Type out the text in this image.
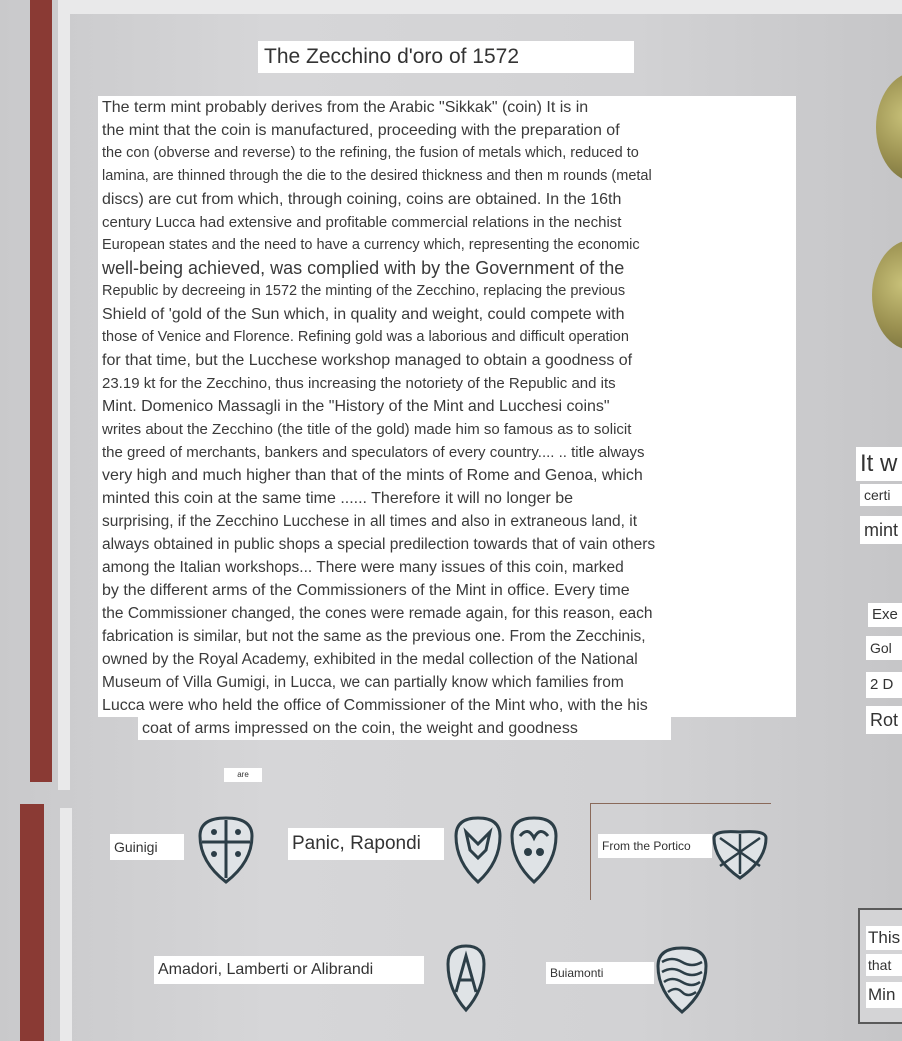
The Zecchino d'oro of 1572
The term mint probably derives from the Arabic "Sikkak" (coin) It is in
the mint that the coin is manufactured, proceeding with the preparation of
the con (obverse and reverse) to the refining, the fusion of metals which, reduced to
lamina, are thinned through the die to the desired thickness and then m rounds (metal
discs) are cut from which, through coining, coins are obtained. In the 16th
century Lucca had extensive and profitable commercial relations in the nechist
European states and the need to have a currency which, representing the economic
well-being achieved, was complied with by the Government of the
Republic by decreeing in 1572 the minting of the Zecchino, replacing the previous
Shield of 'gold of the Sun which, in quality and weight, could compete with
those of Venice and Florence. Refining gold was a laborious and difficult operation
for that time, but the Lucchese workshop managed to obtain a goodness of
23.19 kt for the Zecchino, thus increasing the notoriety of the Republic and its
Mint. Domenico Massagli in the "History of the Mint and Lucchesi coins"
writes about the Zecchino (the title of the gold) made him so famous as to solicit
the greed of merchants, bankers and speculators of every country.... .. title always
very high and much higher than that of the mints of Rome and Genoa, which
minted this coin at the same time ...... Therefore it will no longer be
surprising, if the Zecchino Lucchese in all times and also in extraneous land, it
always obtained in public shops a special predilection towards that of vain others
among the Italian workshops... There were many issues of this coin, marked
by the different arms of the Commissioners of the Mint in office. Every time
the Commissioner changed, the cones were remade again, for this reason, each
fabrication is similar, but not the same as the previous one. From the Zecchinis,
owned by the Royal Academy, exhibited in the medal collection of the National
Museum of Villa Gumigi, in Lucca, we can partially know which families from
Lucca were who held the office of Commissioner of the Mint who, with the his
coat of arms impressed on the coin, the weight and goodness
are
It w
certi
mint
Exe
Gol
2 D
Rot
This
that
Min
Guinigi	Panic, Rapondi	From the Portico
Amadori, Lamberti or Alibrandi	Buiamonti
